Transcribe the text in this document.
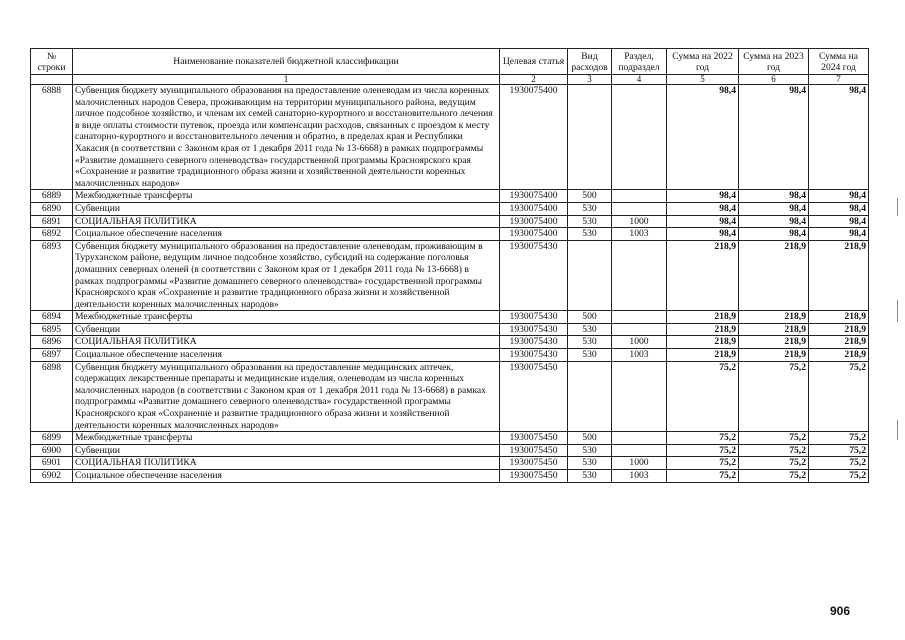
№ строки	Наименование показателей бюджетной классификации	Целевая статья	Вид расходов	Раздел, подраздел	Сумма на 2022 год	Сумма на 2023 год	Сумма на 2024 год
	1	2	3	4	5	6	7
6888	Субвенция бюджету муниципального образования на предоставление оленеводам из числа коренных малочисленных народов Севера, проживающим на территории муниципального района, ведущим личное подсобное хозяйство, и членам их семей санаторно-курортного и восстановительного лечения в виде оплаты стоимости путевок, проезда или компенсации расходов, связанных с проездом к месту санаторно-курортного и восстановительного лечения и обратно, в пределах края и Республики Хакасия (в соответствии с Законом края от 1 декабря 2011 года № 13-6668) в рамках подпрограммы «Развитие домашнего северного оленеводства» государственной программы Красноярского края «Сохранение и развитие традиционного образа жизни и хозяйственной деятельности коренных малочисленных народов»	1930075400			98,4	98,4	98,4
6889	Межбюджетные трансферты	1930075400	500		98,4	98,4	98,4
6890	Субвенции	1930075400	530		98,4	98,4	98,4
6891	СОЦИАЛЬНАЯ ПОЛИТИКА	1930075400	530	1000	98,4	98,4	98,4
6892	Социальное обеспечение населения	1930075400	530	1003	98,4	98,4	98,4
6893	Субвенция бюджету муниципального образования на предоставление оленеводам, проживающим в Туруханском районе, ведущим личное подсобное хозяйство, субсидий на содержание поголовья домашних северных оленей (в соответствии с Законом края от 1 декабря 2011 года № 13-6668) в рамках подпрограммы «Развитие домашнего северного оленеводства» государственной программы Красноярского края «Сохранение и развитие традиционного образа жизни и хозяйственной деятельности коренных малочисленных народов»	1930075430			218,9	218,9	218,9
6894	Межбюджетные трансферты	1930075430	500		218,9	218,9	218,9
6895	Субвенции	1930075430	530		218,9	218,9	218,9
6896	СОЦИАЛЬНАЯ ПОЛИТИКА	1930075430	530	1000	218,9	218,9	218,9
6897	Социальное обеспечение населения	1930075430	530	1003	218,9	218,9	218,9
6898	Субвенция бюджету муниципального образования на предоставление медицинских аптечек, содержащих лекарственные препараты и медицинские изделия, оленеводам из числа коренных малочисленных народов (в соответствии с Законом края от 1 декабря 2011 года № 13-6668) в рамках подпрограммы «Развитие домашнего северного оленеводства» государственной программы Красноярского края «Сохранение и развитие традиционного образа жизни и хозяйственной деятельности коренных малочисленных народов»	1930075450			75,2	75,2	75,2
6899	Межбюджетные трансферты	1930075450	500		75,2	75,2	75,2
6900	Субвенции	1930075450	530		75,2	75,2	75,2
6901	СОЦИАЛЬНАЯ ПОЛИТИКА	1930075450	530	1000	75,2	75,2	75,2
6902	Социальное обеспечение населения	1930075450	530	1003	75,2	75,2	75,2
906
